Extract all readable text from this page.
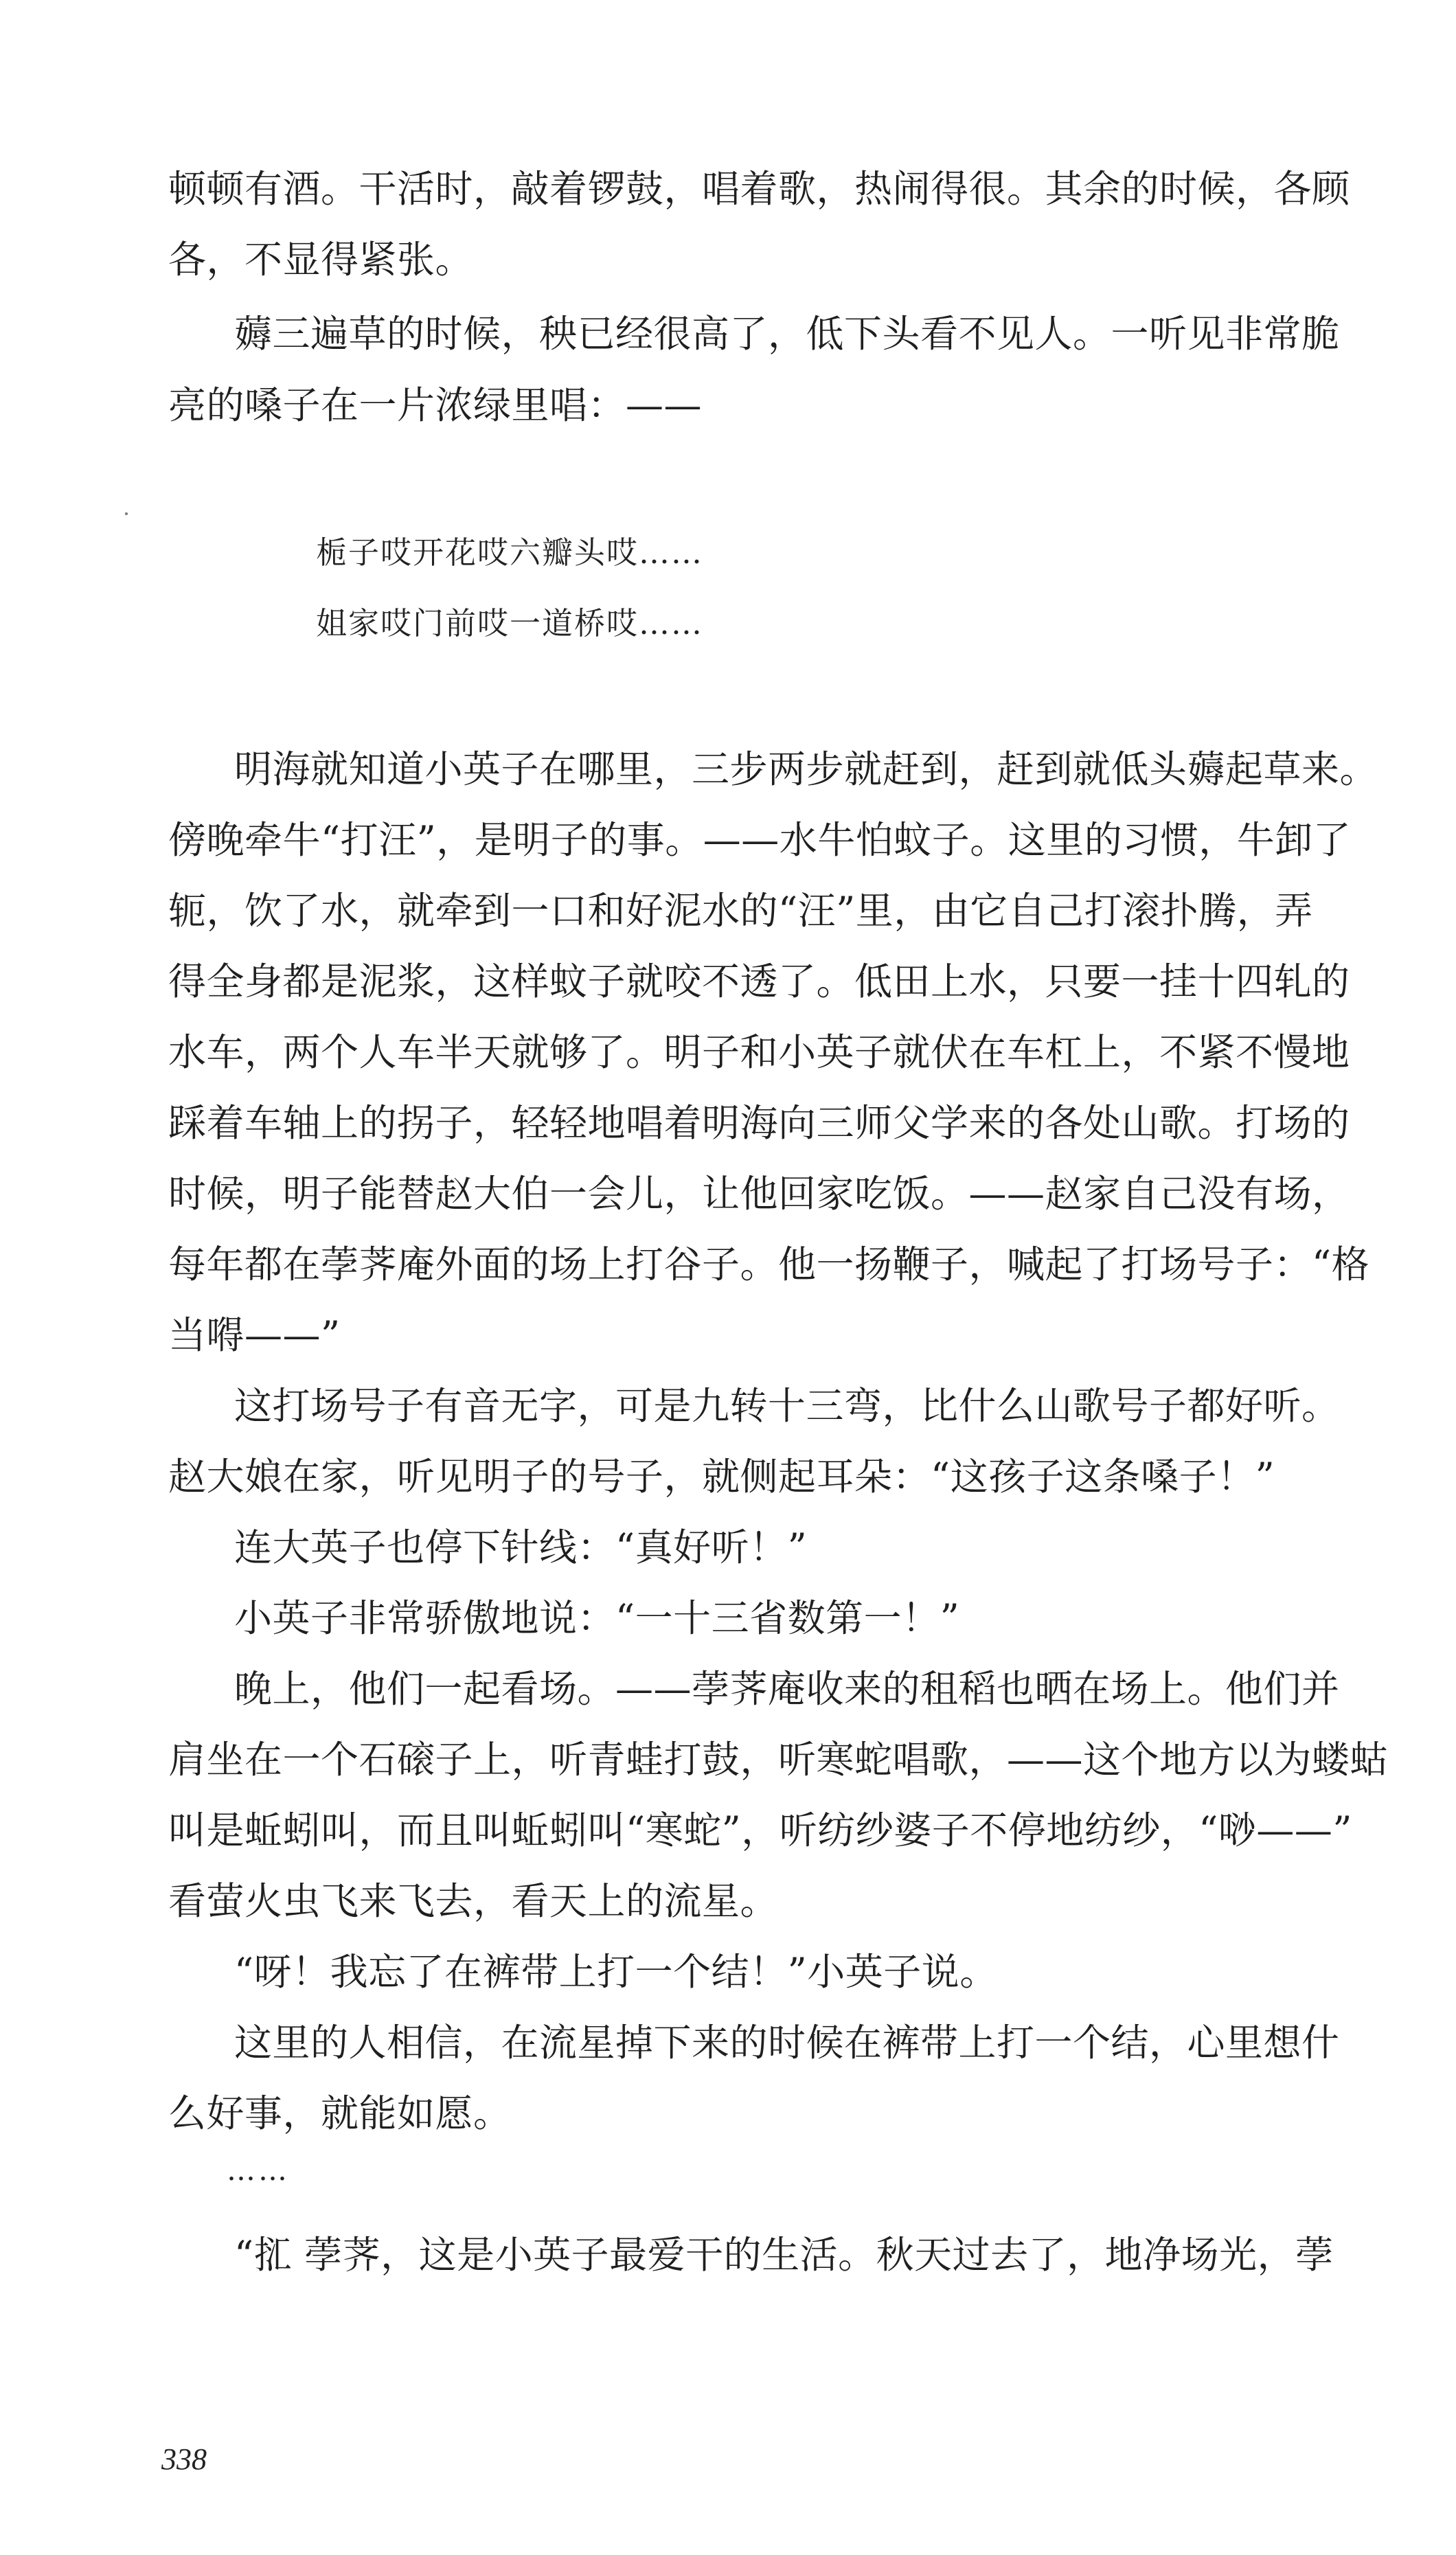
顿顿有酒。干活时，敲着锣鼓，唱着歌，热闹得很。其余的时候，各顾
各，不显得紧张。
薅三遍草的时候，秧已经很高了，低下头看不见人。一听见非常脆
亮的嗓子在一片浓绿里唱：——
栀子哎开花哎六瓣头哎……
姐家哎门前哎一道桥哎……
明海就知道小英子在哪里，三步两步就赶到，赶到就低头薅起草来。
傍晚牵牛“打汪”，是明子的事。——水牛怕蚊子。这里的习惯，牛卸了
轭，饮了水，就牵到一口和好泥水的“汪”里，由它自己打滚扑腾，弄
得全身都是泥浆，这样蚊子就咬不透了。低田上水，只要一挂十四轧的
水车，两个人车半天就够了。明子和小英子就伏在车杠上，不紧不慢地
踩着车轴上的拐子，轻轻地唱着明海向三师父学来的各处山歌。打场的
时候，明子能替赵大伯一会儿，让他回家吃饭。——赵家自己没有场，
每年都在荸荠庵外面的场上打谷子。他一扬鞭子，喊起了打场号子：“格
当嘚——”
这打场号子有音无字，可是九转十三弯，比什么山歌号子都好听。
赵大娘在家，听见明子的号子，就侧起耳朵：“这孩子这条嗓子！”
连大英子也停下针线：“真好听！”
小英子非常骄傲地说：“一十三省数第一！”
晚上，他们一起看场。——荸荠庵收来的租稻也晒在场上。他们并
肩坐在一个石磙子上，听青蛙打鼓，听寒蛇唱歌，——这个地方以为蝼蛄
叫是蚯蚓叫，而且叫蚯蚓叫“寒蛇”，听纺纱婆子不停地纺纱，“唦——”
看萤火虫飞来飞去，看天上的流星。
“呀！我忘了在裤带上打一个结！”小英子说。
这里的人相信，在流星掉下来的时候在裤带上打一个结，心里想什
么好事，就能如愿。
……
“㧟 荸荠，这是小英子最爱干的生活。秋天过去了，地净场光，荸
338
